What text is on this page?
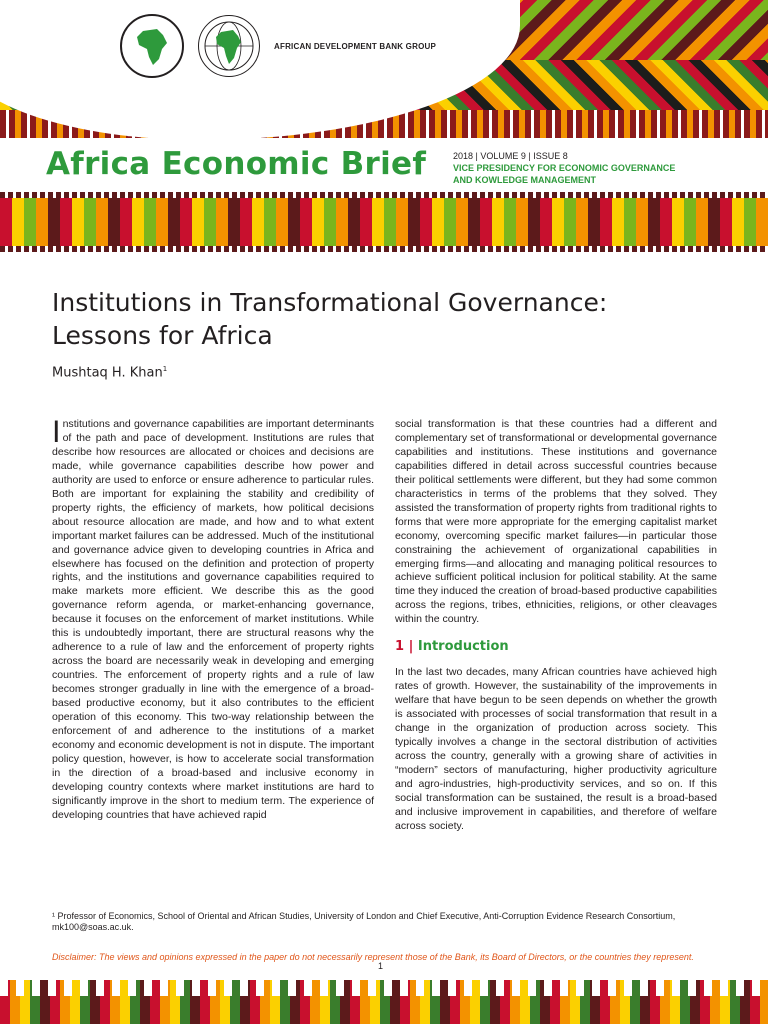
AFRICAN DEVELOPMENT BANK GROUP
Africa Economic Brief	2018 | VOLUME 9 | ISSUE 8
VICE PRESIDENCY FOR ECONOMIC GOVERNANCE
AND KOWLEDGE MANAGEMENT
Institutions in Transformational Governance:
Lessons for Africa
Mushtaq H. Khan$^1$
I nstitutions and governance capabilities are important determinants of the path and pace of development. Institutions are rules that describe how resources are allocated or choices and decisions are made, while governance capabilities describe how power and authority are used to enforce or ensure adherence to particular rules. Both are important for explaining the stability and credibility of property rights, the efficiency of markets, how political decisions about resource allocation are made, and how and to what extent important market failures can be addressed. Much of the institutional and governance advice given to developing countries in Africa and elsewhere has focused on the definition and protection of property rights, and the institutions and governance capabilities required to make markets more efficient. We describe this as the good governance reform agenda, or market-enhancing governance, because it focuses on the enforcement of market institutions. While this is undoubtedly important, there are structural reasons why the adherence to a rule of law and the enforcement of property rights across the board are necessarily weak in developing and emerging countries. The enforcement of property rights and a rule of law becomes stronger gradually in line with the emergence of a broad-based productive economy, but it also contributes to the efficient operation of this economy. This two-way relationship between the enforcement of and adherence to the institutions of a market economy and economic development is not in dispute. The important policy question, however, is how to accelerate social transformation in the direction of a broad-based and inclusive economy in developing country contexts where market institutions are hard to significantly improve in the short to medium term. The experience of developing countries that have achieved rapid

social transformation is that these countries had a different and complementary set of transformational or developmental governance capabilities and institutions. These institutions and governance capabilities differed in detail across successful countries because their political settlements were different, but they had some common characteristics in terms of the problems that they solved. They assisted the transformation of property rights from traditional rights to forms that were more appropriate for the emerging capitalist market economy, overcoming specific market failures—in particular those constraining the achievement of organizational capabilities in emerging firms—and allocating and managing political resources to achieve sufficient political inclusion for political stability. At the same time they induced the creation of broad-based productive capabilities across the regions, tribes, ethnicities, religions, or other cleavages within the country.

1 | Introduction

In the last two decades, many African countries have achieved high rates of growth. However, the sustainability of the improvements in welfare that have begun to be seen depends on whether the growth is associated with processes of social transformation that result in a change in the organization of production across society. This typically involves a change in the sectoral distribution of activities across the country, generally with a growing share of activities in “modern” sectors of manufacturing, higher productivity agriculture and agro-industries, high-productivity services, and so on. If this social transformation can be sustained, the result is a broad-based and inclusive improvement in capabilities, and therefore of welfare across society.

¹ Professor of Economics, School of Oriental and African Studies, University of London and Chief Executive, Anti-Corruption Evidence Research Consortium, mk100@soas.ac.uk.
Disclaimer: The views and opinions expressed in the paper do not necessarily represent those of the Bank, its Board of Directors, or the countries they represent.
1
